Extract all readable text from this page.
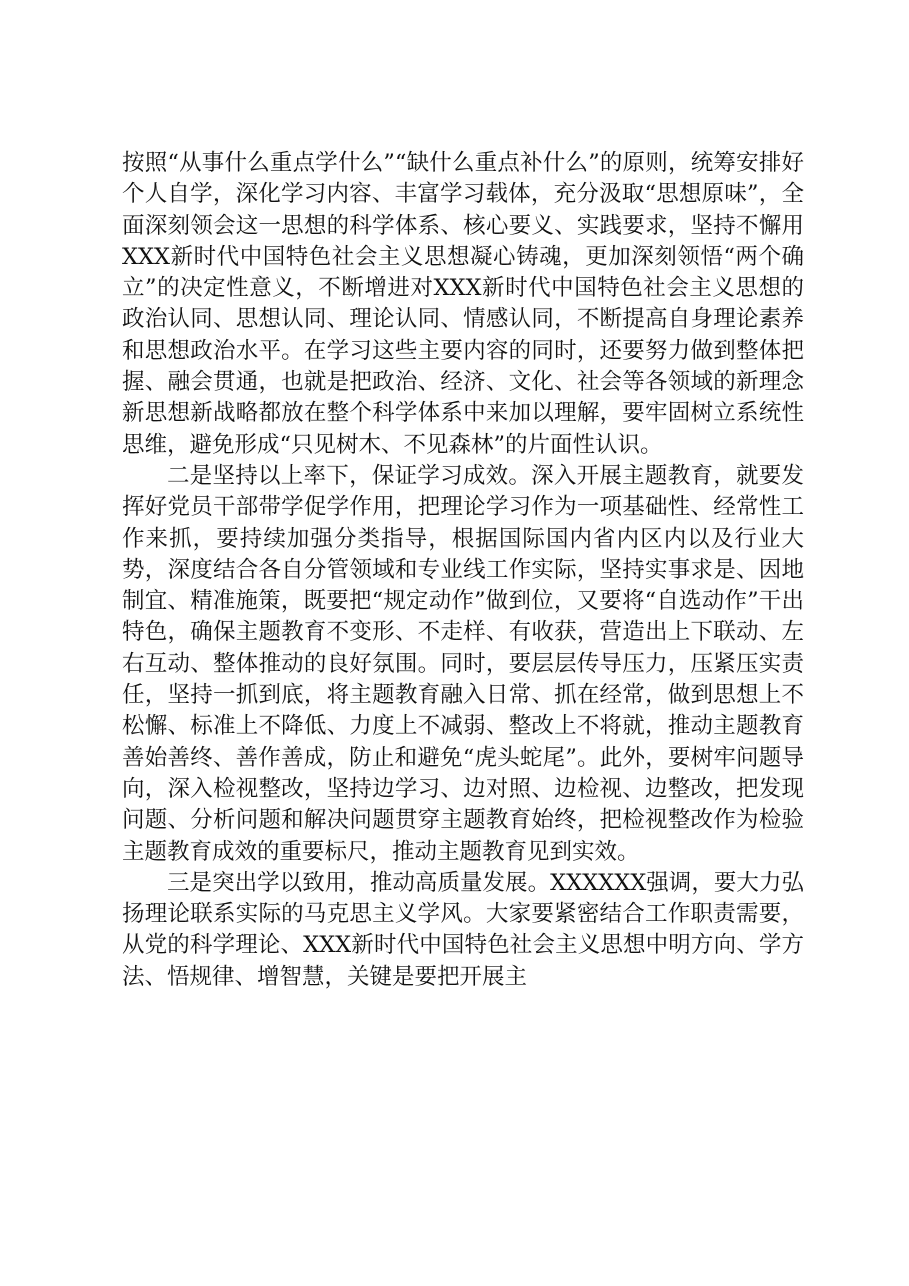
按照“从事什么重点学什么”“缺什么重点补什么”的原则，统筹安排好个人自学，深化学习内容、丰富学习载体，充分汲取“思想原味”，全面深刻领会这一思想的科学体系、核心要义、实践要求，坚持不懈用XXX新时代中国特色社会主义思想凝心铸魂，更加深刻领悟“两个确立”的决定性意义，不断增进对XXX新时代中国特色社会主义思想的政治认同、思想认同、理论认同、情感认同，不断提高自身理论素养和思想政治水平。在学习这些主要内容的同时，还要努力做到整体把握、融会贯通，也就是把政治、经济、文化、社会等各领域的新理念新思想新战略都放在整个科学体系中来加以理解，要牢固树立系统性思维，避免形成“只见树木、不见森林”的片面性认识。

二是坚持以上率下，保证学习成效。深入开展主题教育，就要发挥好党员干部带学促学作用，把理论学习作为一项基础性、经常性工作来抓，要持续加强分类指导，根据国际国内省内区内以及行业大势，深度结合各自分管领域和专业线工作实际，坚持实事求是、因地制宜、精准施策，既要把“规定动作”做到位，又要将“自选动作”干出特色，确保主题教育不变形、不走样、有收获，营造出上下联动、左右互动、整体推动的良好氛围。同时，要层层传导压力，压紧压实责任，坚持一抓到底，将主题教育融入日常、抓在经常，做到思想上不松懈、标准上不降低、力度上不减弱、整改上不将就，推动主题教育善始善终、善作善成，防止和避免“虎头蛇尾”。此外，要树牢问题导向，深入检视整改，坚持边学习、边对照、边检视、边整改，把发现问题、分析问题和解决问题贯穿主题教育始终，把检视整改作为检验主题教育成效的重要标尺，推动主题教育见到实效。

三是突出学以致用，推动高质量发展。XXXXXX强调，要大力弘扬理论联系实际的马克思主义学风。大家要紧密结合工作职责需要，从党的科学理论、XXX新时代中国特色社会主义思想中明方向、学方法、悟规律、增智慧，关键是要把开展主
